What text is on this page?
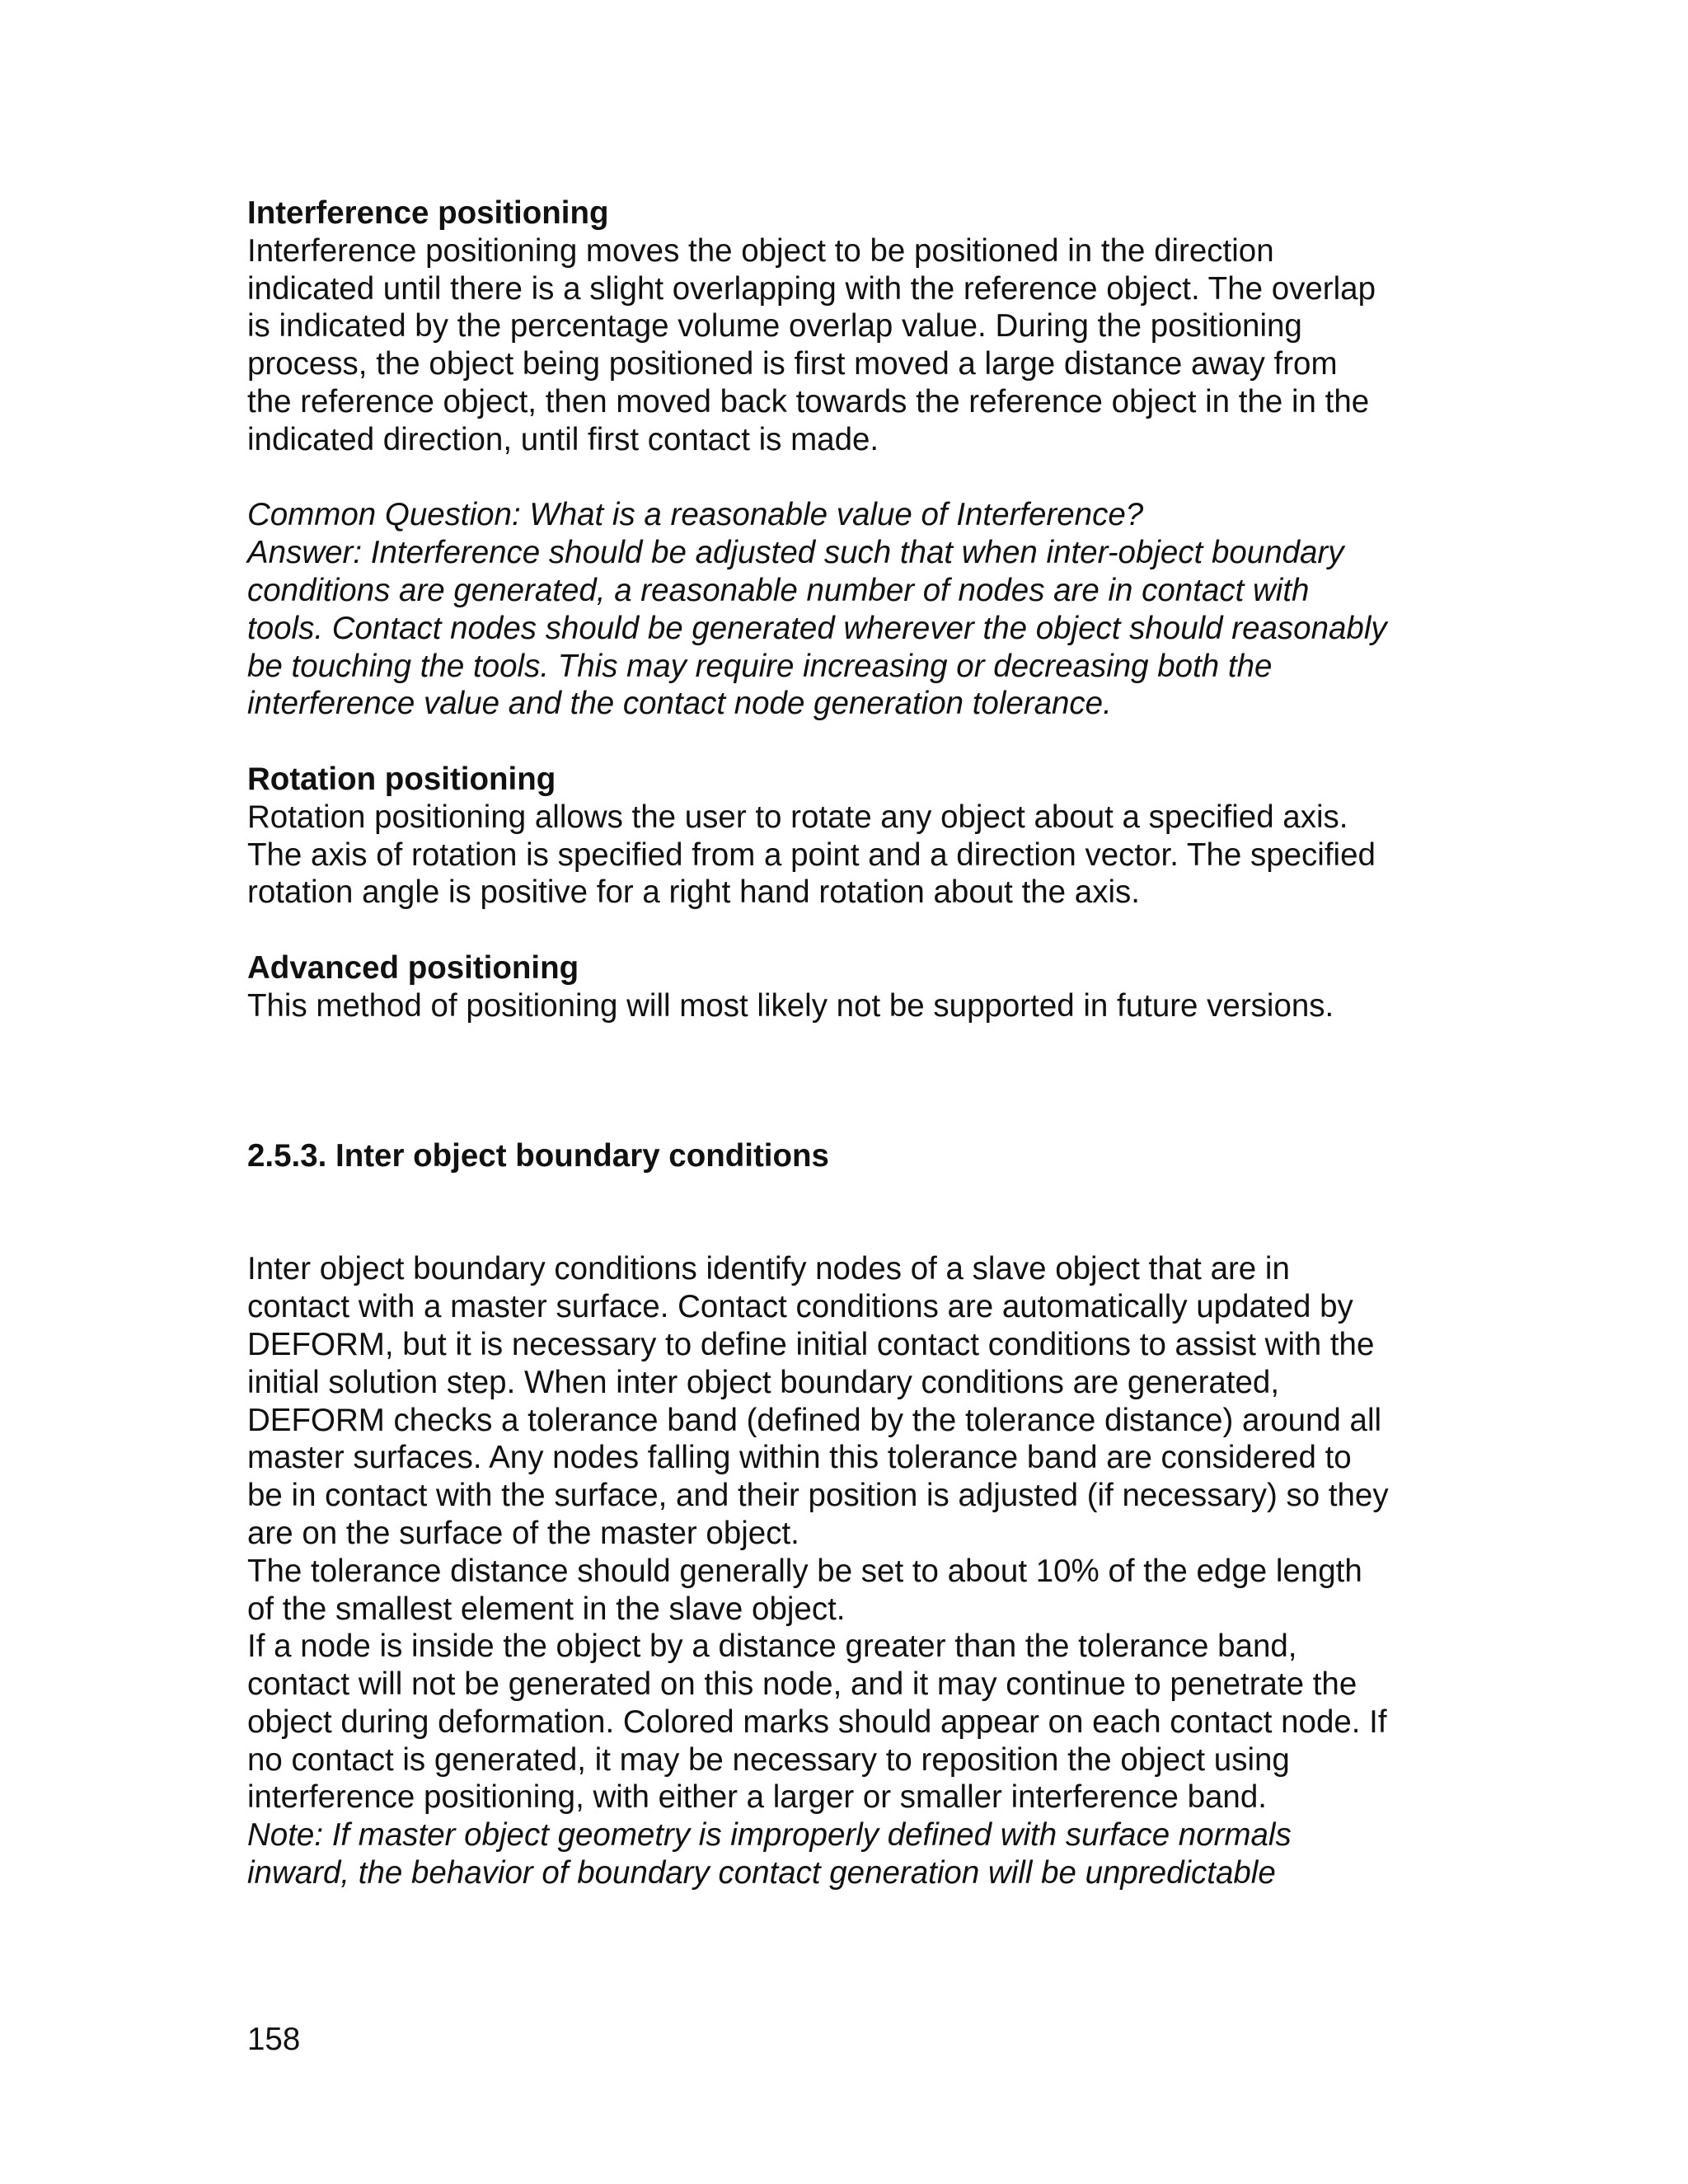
Interference positioning
Interference positioning moves the object to be positioned in the direction
indicated until there is a slight overlapping with the reference object. The overlap
is indicated by the percentage volume overlap value. During the positioning
process, the object being positioned is first moved a large distance away from
the reference object, then moved back towards the reference object in the in the
indicated direction, until first contact is made.
Common Question: What is a reasonable value of Interference?
Answer: Interference should be adjusted such that when inter-object boundary
conditions are generated, a reasonable number of nodes are in contact with
tools. Contact nodes should be generated wherever the object should reasonably
be touching the tools. This may require increasing or decreasing both the
interference value and the contact node generation tolerance.
Rotation positioning
Rotation positioning allows the user to rotate any object about a specified axis.
The axis of rotation is specified from a point and a direction vector. The specified
rotation angle is positive for a right hand rotation about the axis.
Advanced positioning
This method of positioning will most likely not be supported in future versions.
2.5.3. Inter object boundary conditions
Inter object boundary conditions identify nodes of a slave object that are in
contact with a master surface. Contact conditions are automatically updated by
DEFORM, but it is necessary to define initial contact conditions to assist with the
initial solution step. When inter object boundary conditions are generated,
DEFORM checks a tolerance band (defined by the tolerance distance) around all
master surfaces. Any nodes falling within this tolerance band are considered to
be in contact with the surface, and their position is adjusted (if necessary) so they
are on the surface of the master object.
The tolerance distance should generally be set to about 10% of the edge length
of the smallest element in the slave object.
If a node is inside the object by a distance greater than the tolerance band,
contact will not be generated on this node, and it may continue to penetrate the
object during deformation. Colored marks should appear on each contact node. If
no contact is generated, it may be necessary to reposition the object using
interference positioning, with either a larger or smaller interference band.
Note: If master object geometry is improperly defined with surface normals
inward, the behavior of boundary contact generation will be unpredictable
158
